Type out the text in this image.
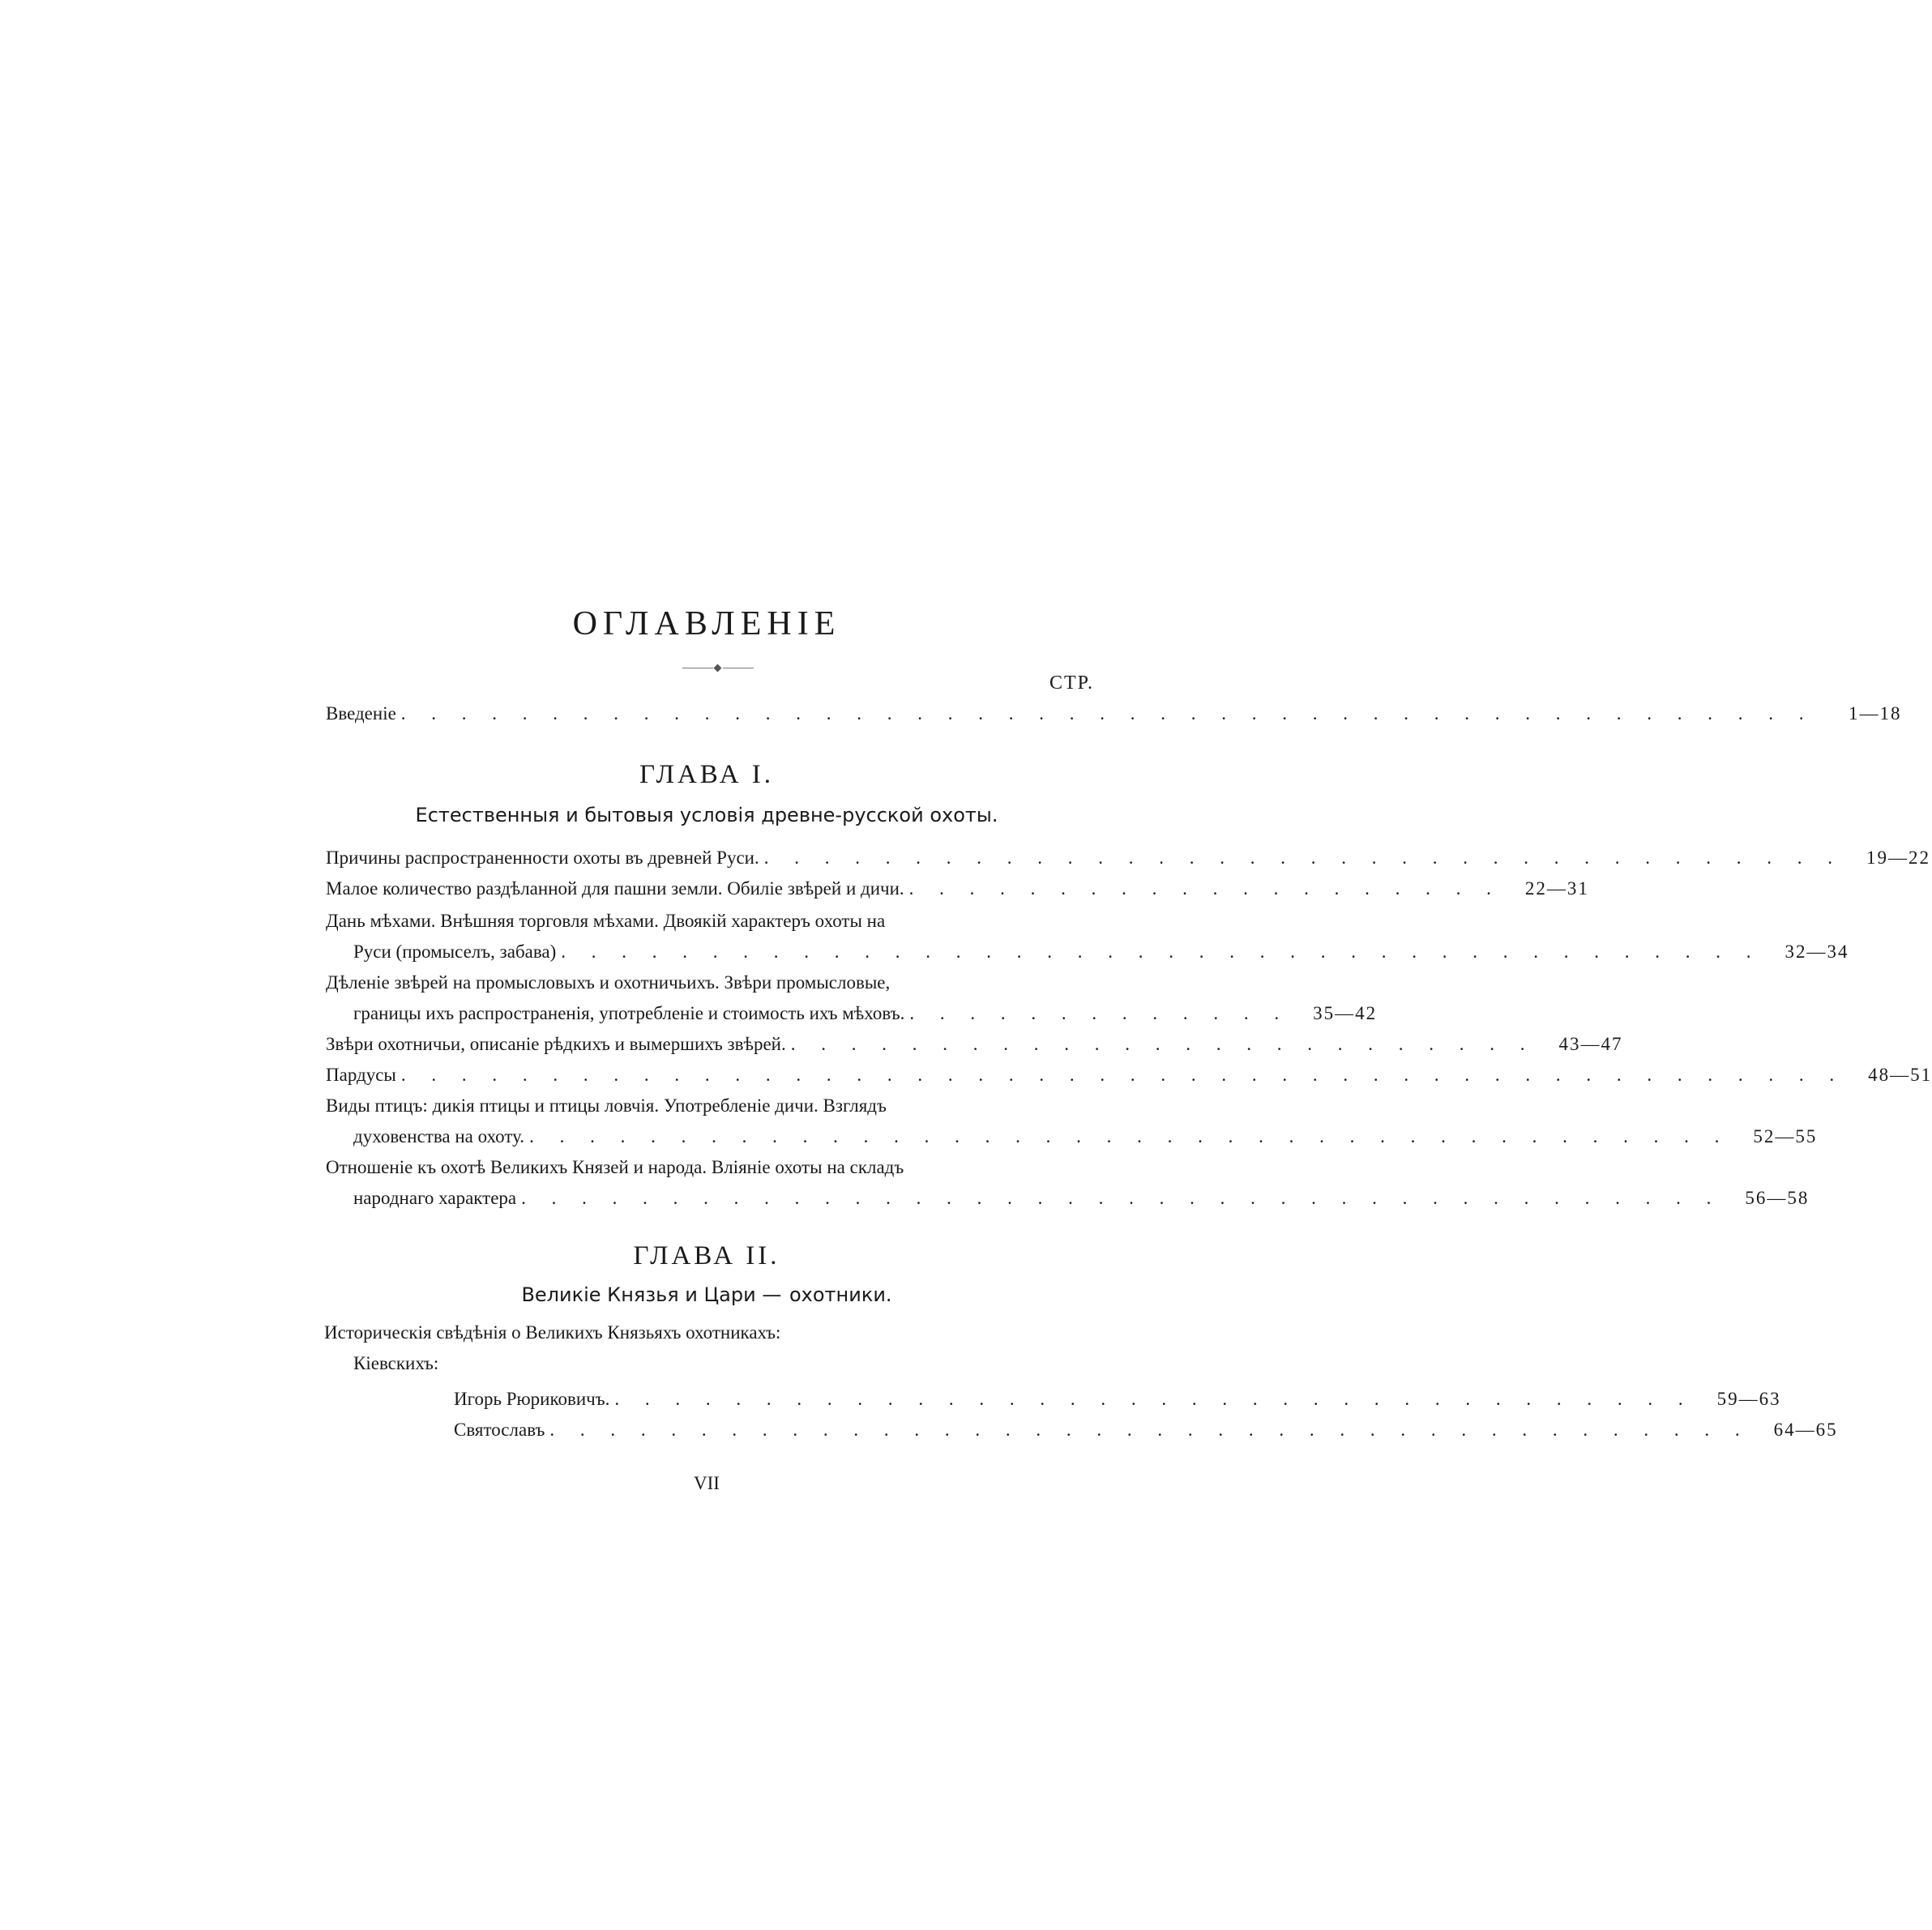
ОГЛАВЛЕНІЕ
СТР.
Введеніе . . . . . . . . . . . . . . . . . . . . . . . . . . . . . . . . . . . . . . . . . . . . . . .	1—18
ГЛАВА I.
Естественныя и бытовыя условія древне-русской охоты.
Причины распространенности охоты въ древней Руси. . . . . . . . . . . . . . . . . . . . . . . . . . . . . . . . . . . . .	19—22
Малое количество раздѣланной для пашни земли. Обиліе звѣрей и дичи. . . . . . . . . . . . . . . . . . . . .	22—31
Дань мѣхами. Внѣшняя торговля мѣхами. Двоякій характеръ охоты на
Руси (промыселъ, забава) . . . . . . . . . . . . . . . . . . . . . . . . . . . . . . . . . . . . . . . .	32—34
Дѣленіе звѣрей на промысловыхъ и охотничьихъ. Звѣри промысловые,
границы ихъ распространенія, употребленіе и стоимость ихъ мѣховъ. . . . . . . . . . . . . .	35—42
Звѣри охотничьи, описаніе рѣдкихъ и вымершихъ звѣрей. . . . . . . . . . . . . . . . . . . . . . . . . .	43—47
Пардусы . . . . . . . . . . . . . . . . . . . . . . . . . . . . . . . . . . . . . . . . . . . . . . . .	48—51
Виды птицъ: дикія птицы и птицы ловчія. Употребленіе дичи. Взглядъ
духовенства на охоту. . . . . . . . . . . . . . . . . . . . . . . . . . . . . . . . . . . . . . . . .	52—55
Отношеніе къ охотѣ Великихъ Князей и народа. Вліяніе охоты на складъ
народнаго характера . . . . . . . . . . . . . . . . . . . . . . . . . . . . . . . . . . . . . . . .	56—58
ГЛАВА II.
Великіе Князья и Цари — охотники.
Историческія свѣдѣнія о Великихъ Князьяхъ охотникахъ:
Кіевскихъ:
Игорь Рюриковичъ. . . . . . . . . . . . . . . . . . . . . . . . . . . . . . . . . . . . .	59—63
Святославъ . . . . . . . . . . . . . . . . . . . . . . . . . . . . . . . . . . . . . . . .	64—65
VII
